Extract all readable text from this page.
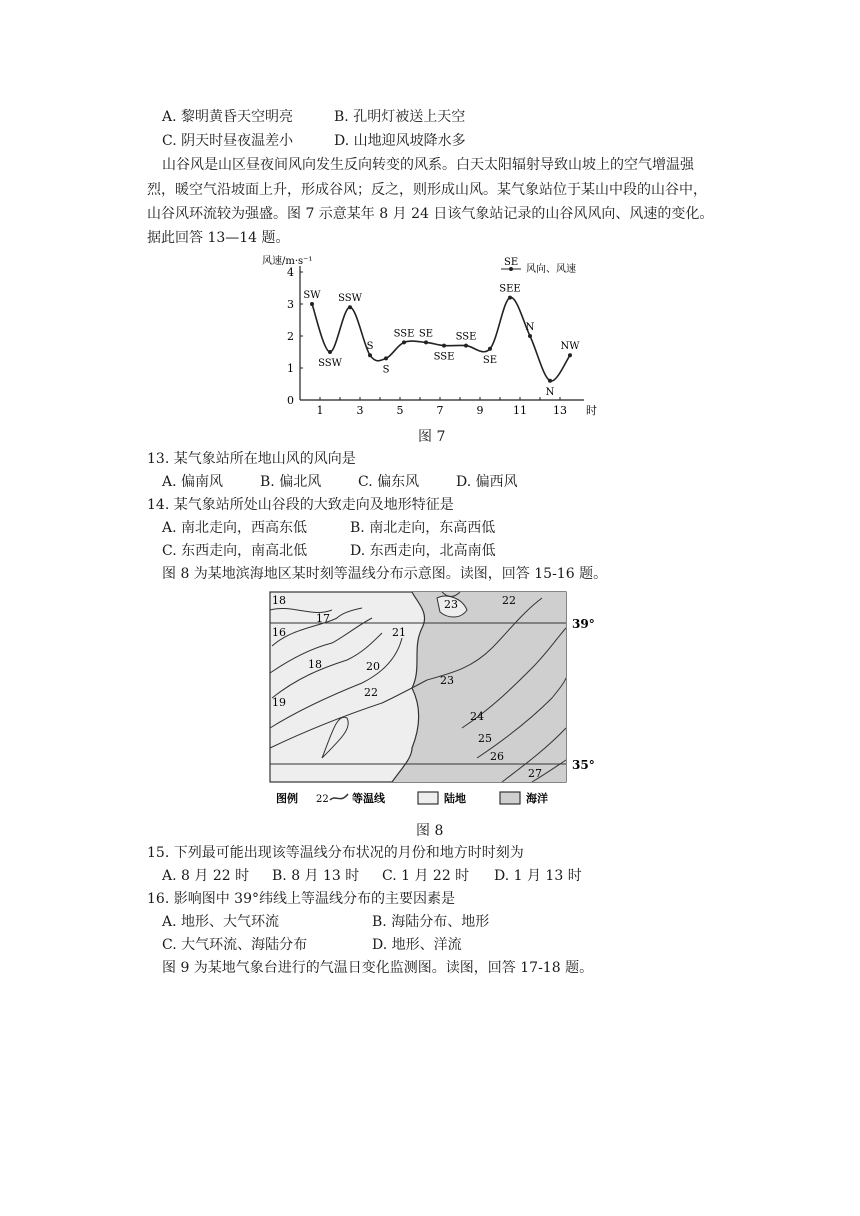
A. 黎明黄昏天空明亮	B. 孔明灯被送上天空
C. 阴天时昼夜温差小	D. 山地迎风坡降水多
山谷风是山区昼夜间风向发生反向转变的风系。白天太阳辐射导致山坡上的空气增温强
烈，暖空气沿坡面上升，形成谷风；反之，则形成山风。某气象站位于某山中段的山谷中，
山谷风环流较为强盛。图 7 示意某年 8 月 24 日该气象站记录的山谷风风向、风速的变化。
据此回答 13—14 题。
1	3	5	7	9	11 13
0
1
2
3
4
SW
SSW
SSW
S
S
SSE SE
SSE
SSE
SE
SEE
N
N
NW
风速/m·s⁻¹
时
SE
风向、风速
图 7
13. 某气象站所在地山风的风向是
A. 偏南风	B. 偏北风	C. 偏东风	D. 偏西风
14. 某气象站所处山谷段的大致走向及地形特征是
A. 南北走向，西高东低	B. 南北走向，东高西低
C. 东西走向，南高北低	D. 东西走向，北高南低
图 8 为某地滨海地区某时刻等温线分布示意图。读图，回答 15-16 题。
18
17
16
18
19
20
21
22
23	22
23
24
25
26
27
39°
35°
图例 22 等温线	陆地	海洋
图 8
15. 下列最可能出现该等温线分布状况的月份和地方时时刻为
A. 8 月 22 时 B. 8 月 13 时 C. 1 月 22 时 D. 1 月 13 时
16. 影响图中 39°纬线上等温线分布的主要因素是
A. 地形、大气环流	B. 海陆分布、地形
C. 大气环流、海陆分布	D. 地形、洋流
图 9 为某地气象台进行的气温日变化监测图。读图，回答 17-18 题。
